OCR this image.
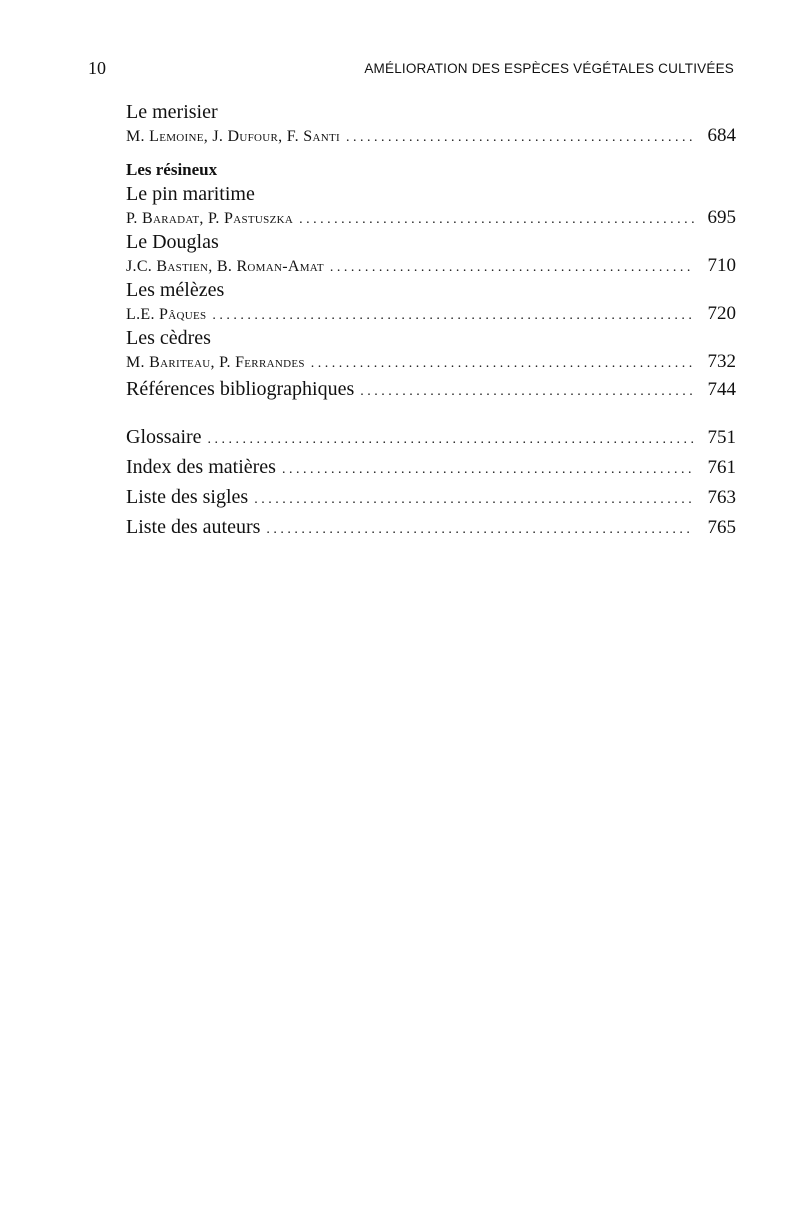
10	AMÉLIORATION DES ESPÈCES VÉGÉTALES CULTIVÉES
Le merisier
M. Lemoine, J. Dufour, F. Santi . . .	684
Les résineux
Le pin maritime
P. Baradat, P. Pastuszka . . .	695
Le Douglas
J.C. Bastien, B. Roman-Amat . . .	710
Les mélèzes
L.E. Pâques . . .	720
Les cèdres
M. Bariteau, P. Ferrandes . . .	732
Références bibliographiques . . .	744
Glossaire . . .	751
Index des matières . . .	761
Liste des sigles . . .	763
Liste des auteurs . . .	765
